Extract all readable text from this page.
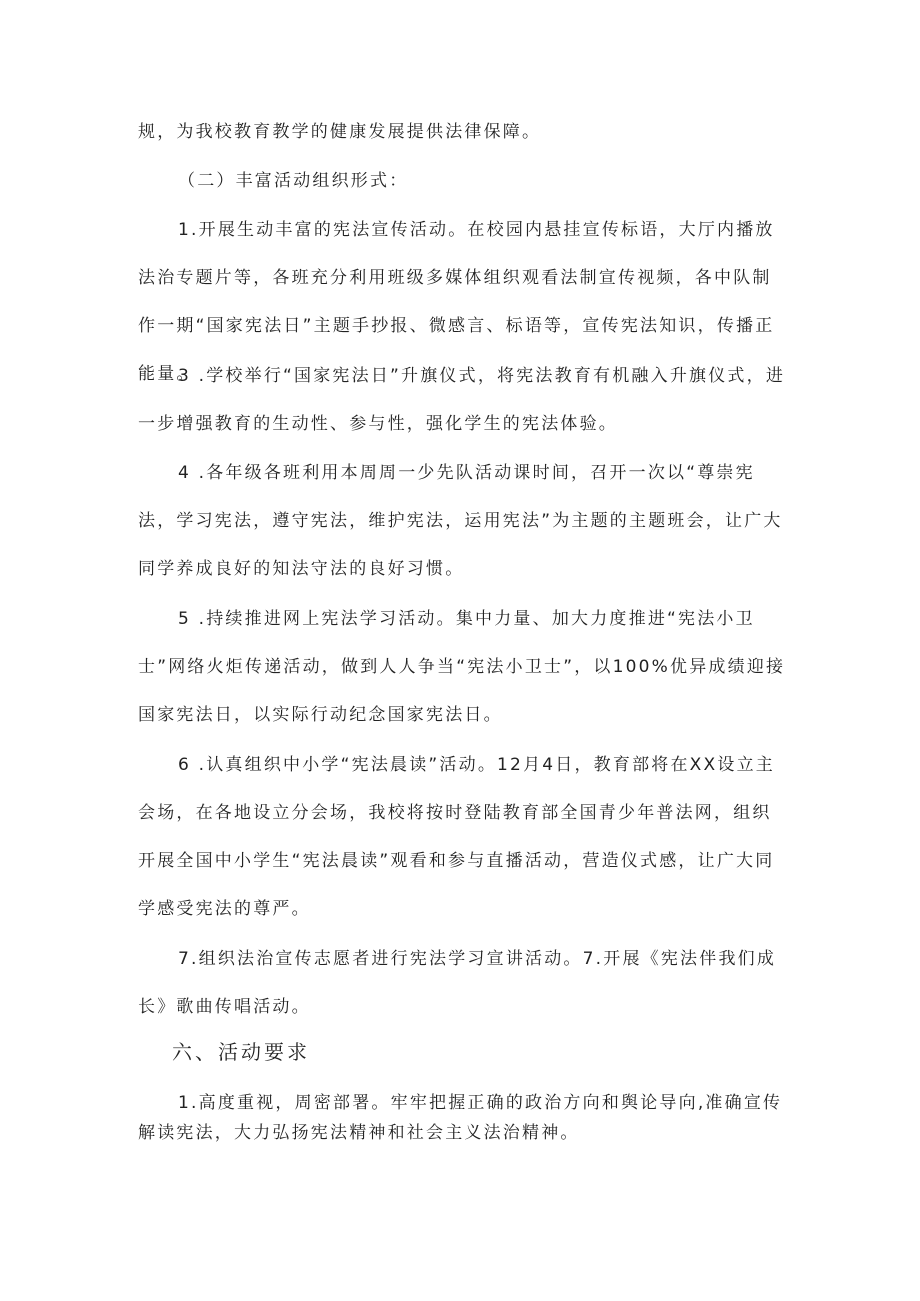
规，为我校教育教学的健康发展提供法律保障。

（二）丰富活动组织形式：

1.开展生动丰富的宪法宣传活动。在校园内悬挂宣传标语，大厅内播放法治专题片等，各班充分利用班级多媒体组织观看法制宣传视频，各中队制作一期“国家宪法日”主题手抄报、微感言、标语等，宣传宪法知识，传播正能量。

3 .学校举行“国家宪法日”升旗仪式，将宪法教育有机融入升旗仪式，进一步增强教育的生动性、参与性，强化学生的宪法体验。

4 .各年级各班利用本周周一少先队活动课时间，召开一次以“尊崇宪法，学习宪法，遵守宪法，维护宪法，运用宪法”为主题的主题班会，让广大同学养成良好的知法守法的良好习惯。

5 .持续推进网上宪法学习活动。集中力量、加大力度推进“宪法小卫士”网络火炬传递活动，做到人人争当“宪法小卫士”，以100%优异成绩迎接国家宪法日，以实际行动纪念国家宪法日。

6 .认真组织中小学“宪法晨读”活动。12月4日，教育部将在XX设立主会场，在各地设立分会场，我校将按时登陆教育部全国青少年普法网，组织开展全国中小学生“宪法晨读”观看和参与直播活动，营造仪式感，让广大同学感受宪法的尊严。

7.组织法治宣传志愿者进行宪法学习宣讲活动。7.开展《宪法伴我们成长》歌曲传唱活动。

六、活动要求

1.高度重视，周密部署。牢牢把握正确的政治方向和舆论导向,准确宣传解读宪法，大力弘扬宪法精神和社会主义法治精神。
